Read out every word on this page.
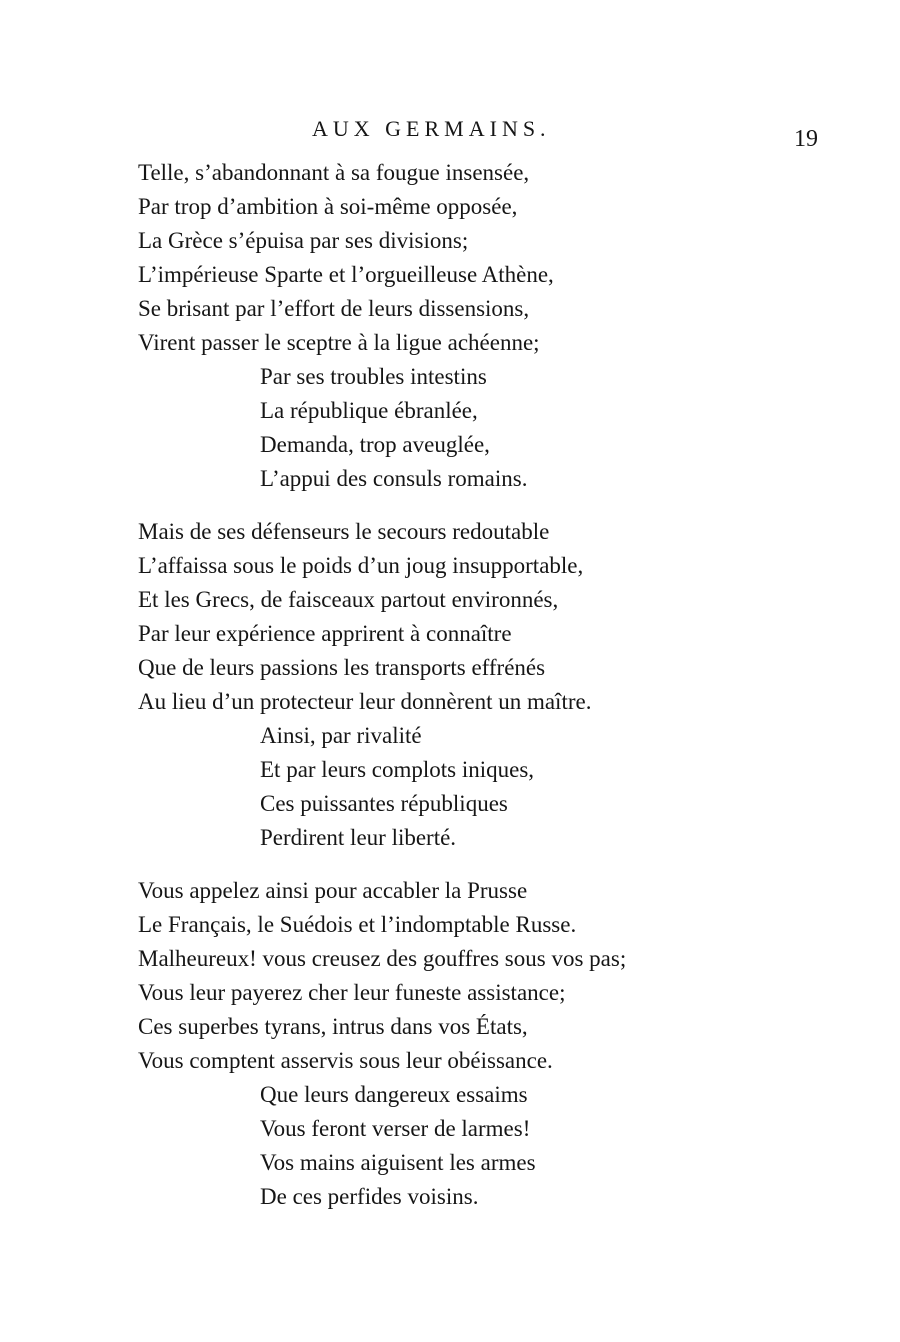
AUX GERMAINS.	19
Telle, s’abandonnant à sa fougue insensée,
Par trop d’ambition à soi-même opposée,
La Grèce s’épuisa par ses divisions;
L’impérieuse Sparte et l’orgueilleuse Athène,
Se brisant par l’effort de leurs dissensions,
Virent passer le sceptre à la ligue achéenne;
Par ses troubles intestins
La république ébranlée,
Demanda, trop aveuglée,
L’appui des consuls romains.
Mais de ses défenseurs le secours redoutable
L’affaissa sous le poids d’un joug insupportable,
Et les Grecs, de faisceaux partout environnés,
Par leur expérience apprirent à connaître
Que de leurs passions les transports effrénés
Au lieu d’un protecteur leur donnèrent un maître.
Ainsi, par rivalité
Et par leurs complots iniques,
Ces puissantes républiques
Perdirent leur liberté.
Vous appelez ainsi pour accabler la Prusse
Le Français, le Suédois et l’indomptable Russe.
Malheureux! vous creusez des gouffres sous vos pas;
Vous leur payerez cher leur funeste assistance;
Ces superbes tyrans, intrus dans vos États,
Vous comptent asservis sous leur obéissance.
Que leurs dangereux essaims
Vous feront verser de larmes!
Vos mains aiguisent les armes
De ces perfides voisins.
